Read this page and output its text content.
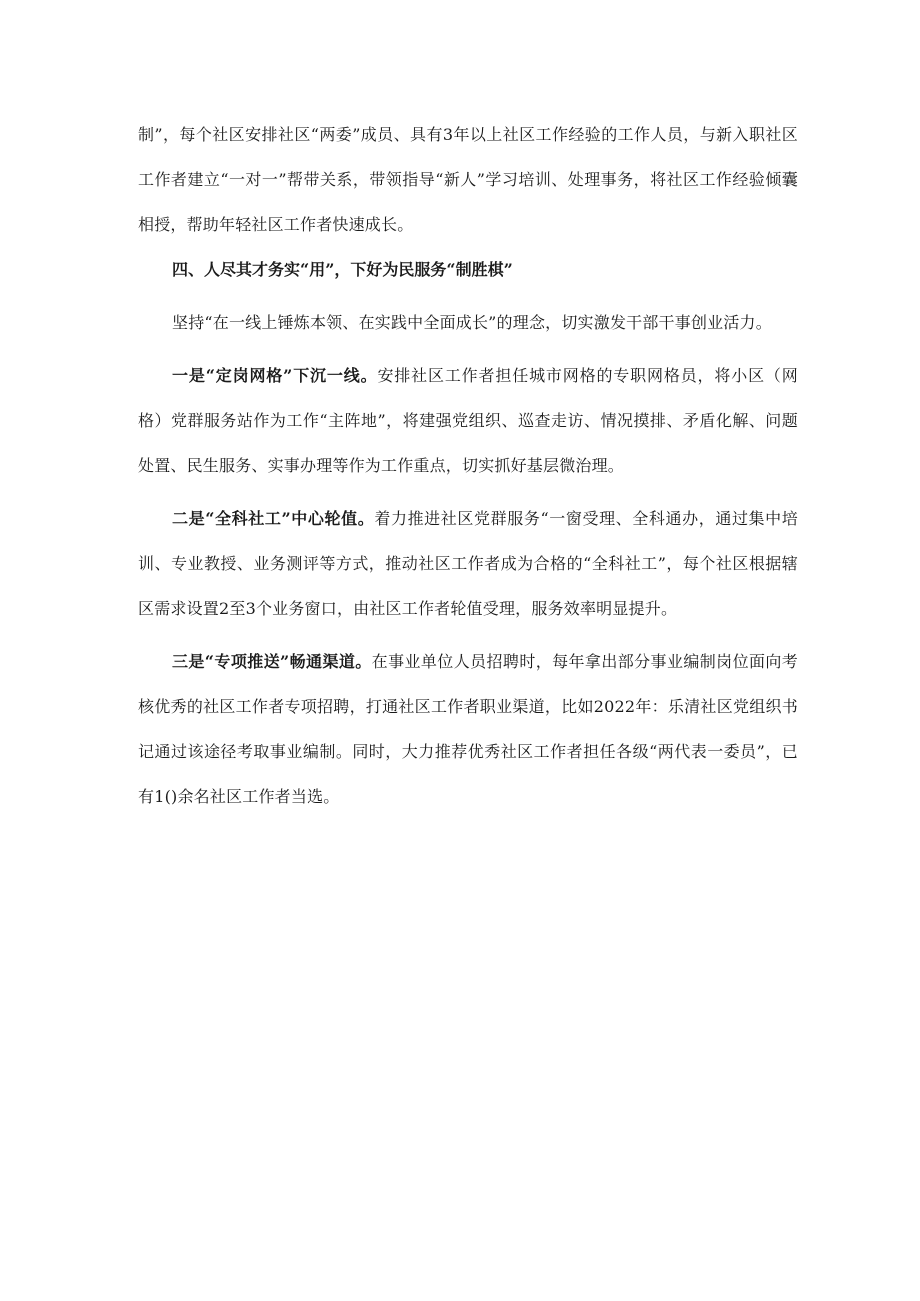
制”，每个社区安排社区“两委”成员、具有3年以上社区工作经验的工作人员，与新入职社区工作者建立“一对一”帮带关系，带领指导“新人”学习培训、处理事务，将社区工作经验倾囊相授，帮助年轻社区工作者快速成长。

四、人尽其才务实“用”，下好为民服务“制胜棋”

坚持“在一线上锤炼本领、在实践中全面成长”的理念，切实激发干部干事创业活力。

一是“定岗网格”下沉一线。安排社区工作者担任城市网格的专职网格员，将小区（网格）党群服务站作为工作“主阵地”，将建强党组织、巡查走访、情况摸排、矛盾化解、问题处置、民生服务、实事办理等作为工作重点，切实抓好基层微治理。

二是“全科社工”中心轮值。着力推进社区党群服务“一窗受理、全科通办，通过集中培训、专业教授、业务测评等方式，推动社区工作者成为合格的“全科社工”，每个社区根据辖区需求设置2至3个业务窗口，由社区工作者轮值受理，服务效率明显提升。

三是“专项推送”畅通渠道。在事业单位人员招聘时，每年拿出部分事业编制岗位面向考核优秀的社区工作者专项招聘，打通社区工作者职业渠道，比如2022年：乐清社区党组织书记通过该途径考取事业编制。同时，大力推荐优秀社区工作者担任各级“两代表一委员”，已有1()余名社区工作者当选。
